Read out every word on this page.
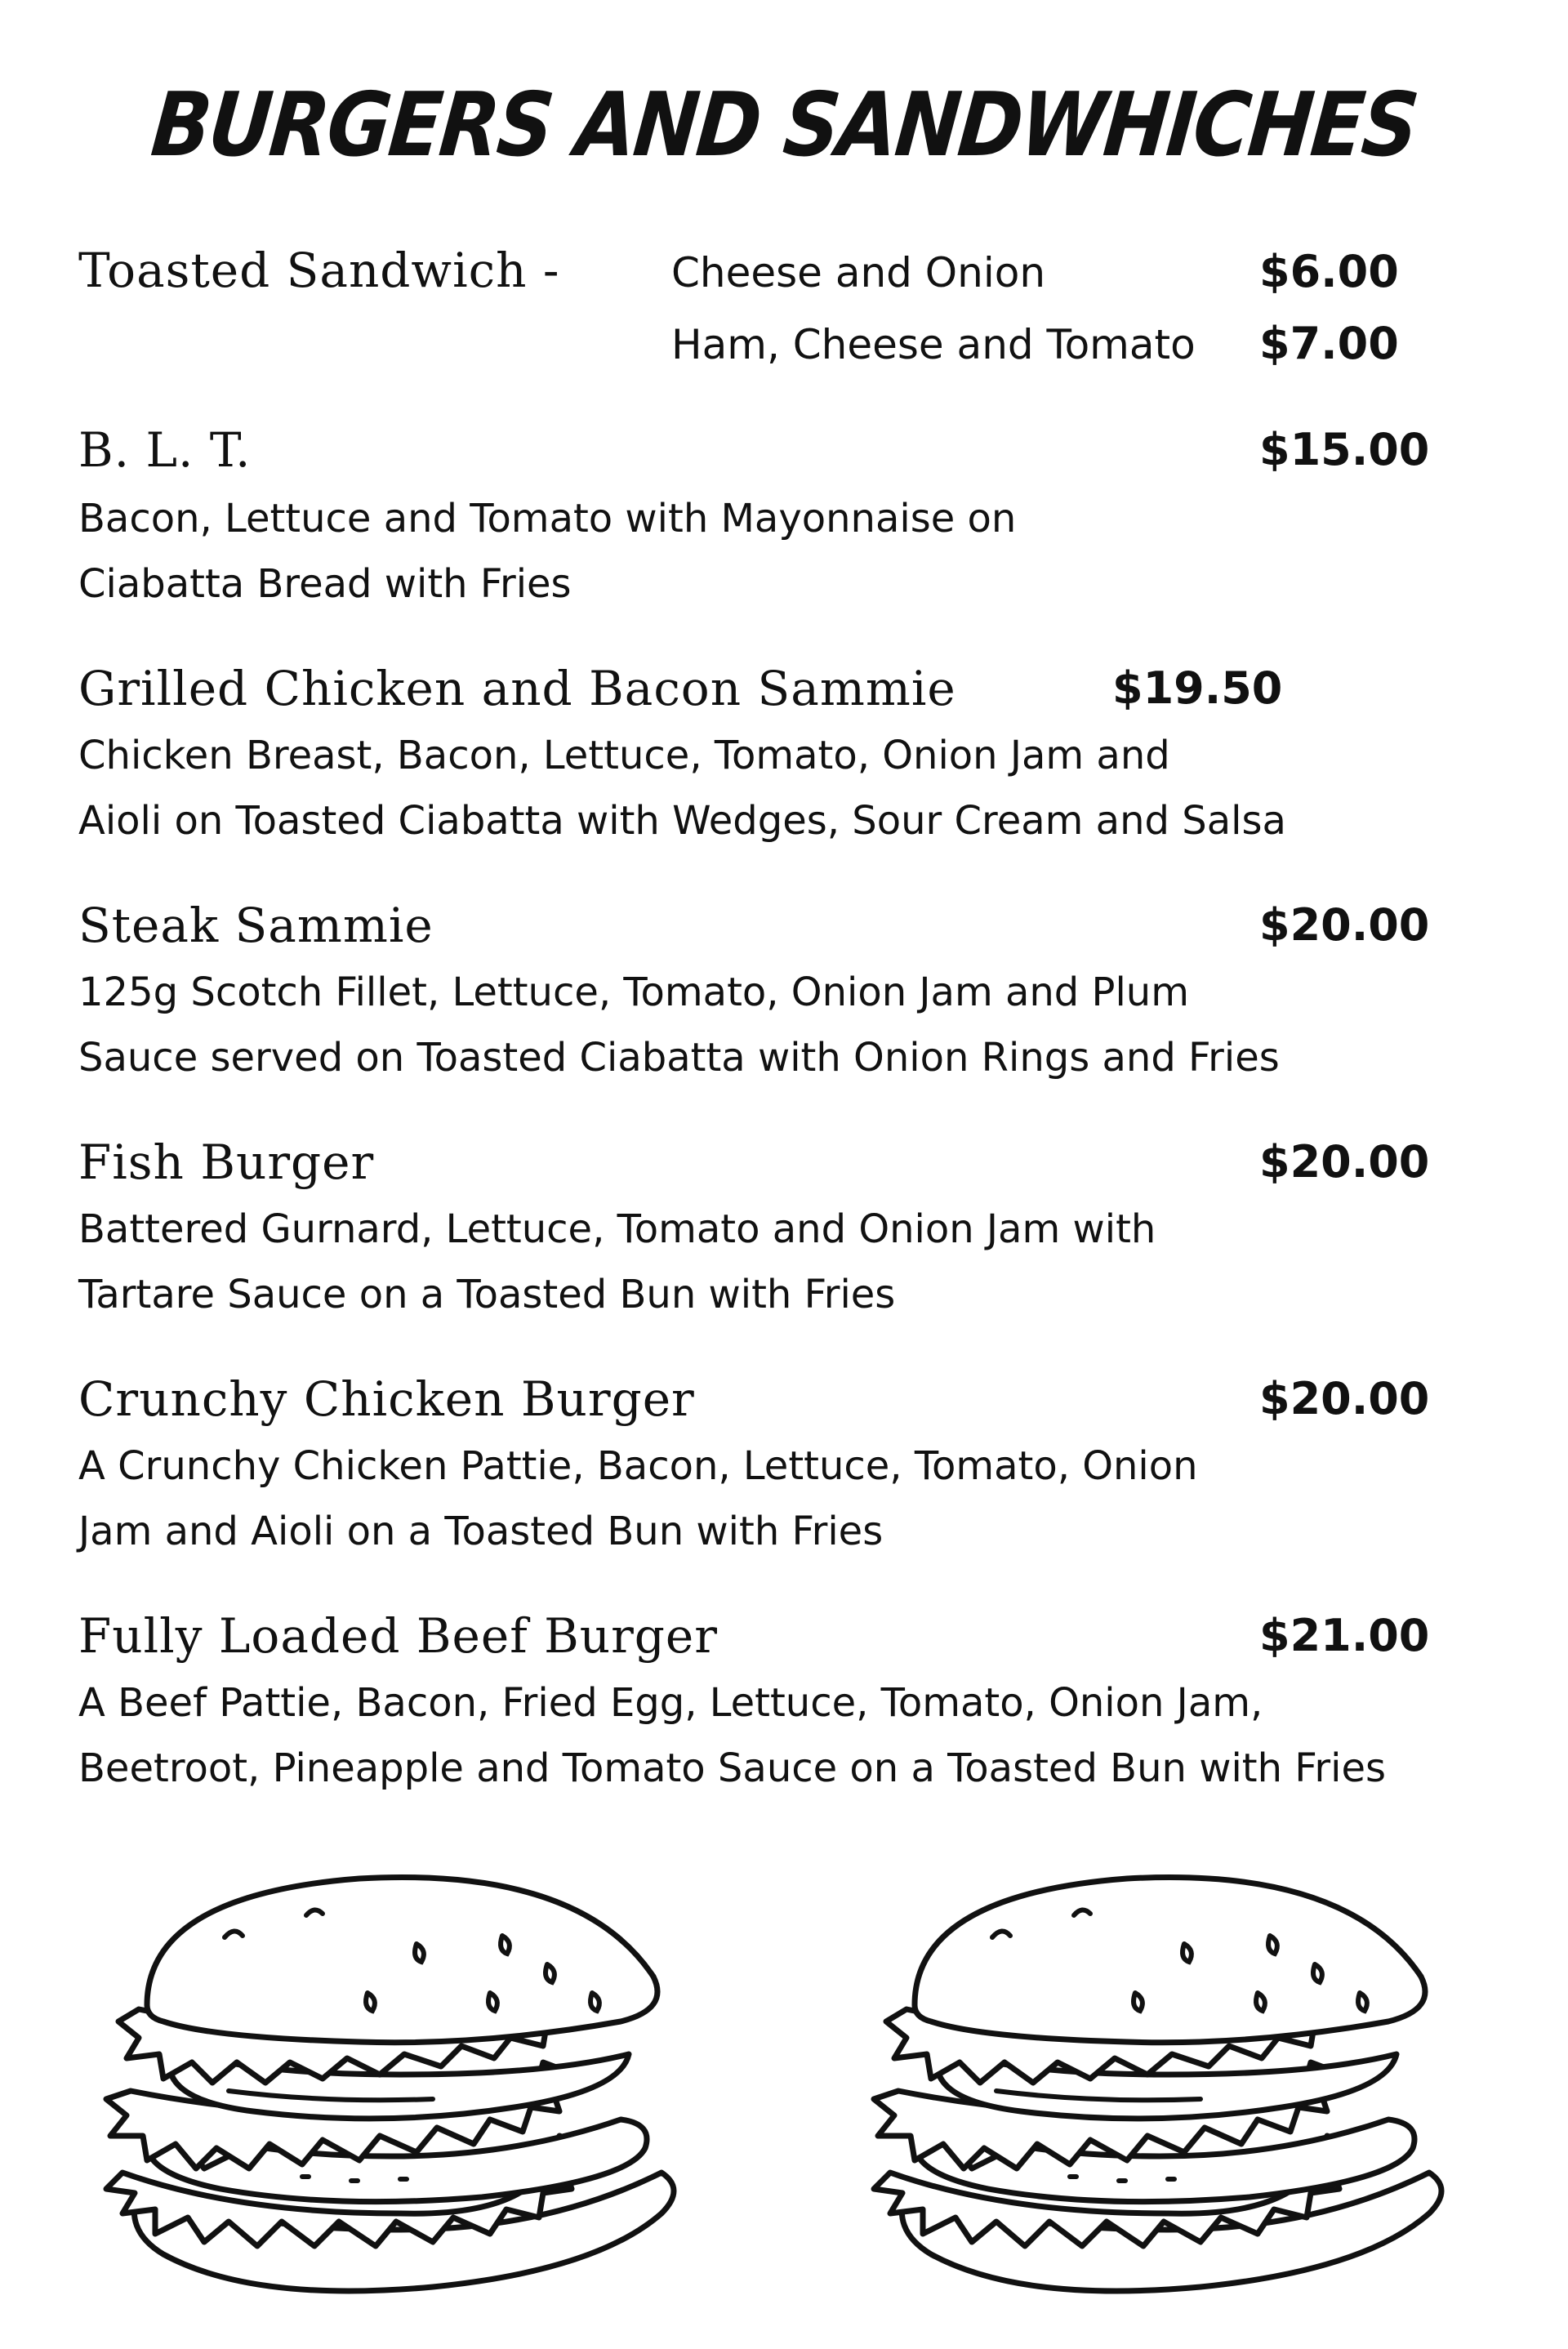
BURGERS AND SANDWHICHES
Toasted Sandwich -	Cheese and Onion	$6.00
Ham, Cheese and Tomato $7.00
B. L. T.	$15.00
Bacon, Lettuce and Tomato with Mayonnaise on
Ciabatta Bread with Fries
Grilled Chicken and Bacon Sammie	$19.50
Chicken Breast, Bacon, Lettuce, Tomato, Onion Jam and
Aioli on Toasted Ciabatta with Wedges, Sour Cream and Salsa
Steak Sammie	$20.00
125g Scotch Fillet, Lettuce, Tomato, Onion Jam and Plum
Sauce served on Toasted Ciabatta with Onion Rings and Fries
Fish Burger	$20.00
Battered Gurnard, Lettuce, Tomato and Onion Jam with
Tartare Sauce on a Toasted Bun with Fries
Crunchy Chicken Burger	$20.00
A Crunchy Chicken Pattie, Bacon, Lettuce, Tomato, Onion
Jam and Aioli on a Toasted Bun with Fries
Fully Loaded Beef Burger	$21.00
A Beef Pattie, Bacon, Fried Egg, Lettuce, Tomato, Onion Jam,
Beetroot, Pineapple and Tomato Sauce on a Toasted Bun with Fries
